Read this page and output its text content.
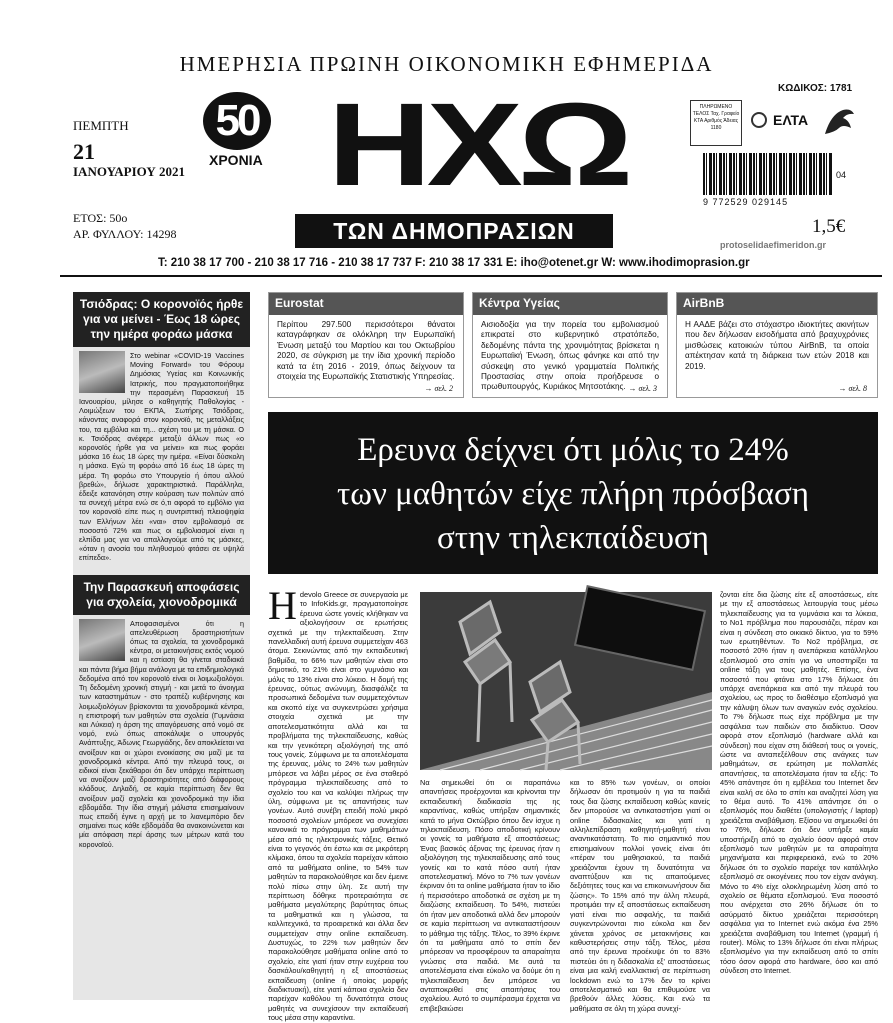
ΗΜΕΡΗΣΙΑ ΠΡΩΙΝΗ ΟΙΚΟΝΟΜΙΚΗ ΕΦΗΜΕΡΙΔΑ
ΠΕΜΠΤΗ
21
ΙΑΝΟΥΑΡΙΟΥ 2021
ΕΤΟΣ: 50ο
ΑΡ. ΦΥΛΛΟΥ: 14298
50
ΧΡΟΝΙΑ ΗΧΩ
ΤΩΝ ΔΗΜΟΠΡΑΣΙΩΝ
ΚΩΔΙΚΟΣ: 1781
ΠΛΗΡΩΜΕΝΟ ΤΕΛΟΣ Ταχ. Γραφείο ΚΤΑ Αριθμός Άδειας 1180	ΕΛΤΑ
9 772529 029145
04
1,5€
protoselidaefimeridon.gr
T: 210 38 17 700 - 210 38 17 716 - 210 38 17 737 F: 210 38 17 331 E: iho@otenet.gr W: www.ihodimoprasion.gr
Τσιόδρας: Ο κορονοϊός ήρθε για να μείνει - Έως 18 ώρες την ημέρα φοράω μάσκα
Στο webinar «COVID-19 Vaccines Moving Forward» του Φόρουμ Δημόσιας Υγείας και Κοινωνικής Ιατρικής, που πραγματοποιήθηκε την περασμένη Παρασκευή 15 Ιανουαρίου, μίλησε ο καθηγητής Παθολογίας - Λοιμώξεων του ΕΚΠΑ, Σωτήρης Τσιόδρας, κάνοντας αναφορά στον κορονοϊό, τις μεταλλάξεις του, τα εμβόλια και τη... σχέση του με τη μάσκα. Ο κ. Τσιόδρας ανέφερε μεταξύ άλλων πως «ο κορονοϊός ήρθε για να μείνει» και πως φοράει μάσκα 16 έως 18 ώρες την ημέρα. «Είναι δύσκολη η μάσκα. Εγώ τη φοράω από 16 έως 18 ώρες τη μέρα. Τη φοράω στο Υπουργείο ή όπου αλλού βρεθώ», δήλωσε χαρακτηριστικά. Παράλληλα, έδειξε κατανόηση στην κούραση των πολιτών από τα συνεχή μέτρα ενώ σε ό,τι αφορά το εμβόλιο για τον κορονοϊό είπε πως η συντριπτική πλειοψηφία των Ελλήνων λέει «ναι» στον εμβολιασμό σε ποσοστό 72% και πως οι εμβολιασμοί είναι η ελπίδα μας για να απαλλαγούμε από τις μάσκες, «όταν η ανοσία του πληθυσμού φτάσει σε υψηλά επίπεδα».
Την Παρασκευή αποφάσεις για σχολεία, χιονοδρομικά
Αποφασισμένοι ότι η απελευθέρωση δραστηριοτήτων όπως τα σχολεία, τα χιονοδρομικά κέντρα, οι μετακινήσεις εκτός νομού και η εστίαση θα γίνεται σταδιακά και πάντα βήμα βήμα ανάλογα με τα επιδημιολογικά δεδομένα από τον κορονοϊό είναι οι λοιμωξιολόγοι. Τη δεδομένη χρονική στιγμή - και μετά το άνοιγμα των καταστημάτων - στο τραπέζι κυβέρνησης και λοιμωξιολόγων βρίσκονται τα χιονοδρομικά κέντρα, η επιστροφή των μαθητών στα σχολεία (Γυμνάσια και Λύκεια) η άρση της απαγόρευσης από νομό σε νομό, ενώ όπως αποκάλυψε ο υπουργός Ανάπτυξης, Άδωνις Γεωργιάδης, δεν αποκλείεται να ανοίξουν και οι χώροι ενοικίασης σκι μαζί με τα χιονοδρομικά κέντρα. Από την πλευρά τους, οι ειδικοί είναι ξεκάθαροι ότι δεν υπάρχει περίπτωση να ανοίξουν μαζί δραστηριότητες από διάφορους κλάδους. Δηλαδή, σε καμία περίπτωση δεν θα ανοίξουν μαζί σχολεία και χιονοδρομικά την ίδια εβδομάδα. Την ίδια στιγμή μάλιστα επισημαίνουν πως επειδή έγινε η αρχή με το λιανεμπόριο δεν σημαίνει πως κάθε εβδομάδα θα ανακοινώνεται και μία απόφαση περί άρσης των μέτρων κατά του κορονοϊού.
Eurostat
Περίπου 297.500 περισσότεροι θάνατοι καταγράφηκαν σε ολόκληρη την Ευρωπαϊκή Ένωση μεταξύ του Μαρτίου και του Οκτωβρίου 2020, σε σύγκριση με την ίδια χρονική περίοδο κατά τα έτη 2016 - 2019, όπως δείχνουν τα στοιχεία της Ευρωπαϊκής Στατιστικής Υπηρεσίας.
→ σελ. 2
Κέντρα Υγείας
Αισιοδοξία για την πορεία του εμβολιασμού επικρατεί στο κυβερνητικό στρατόπεδο, δεδομένης πάντα της χρονιμότητας βρίσκεται η Ευρωπαϊκή Ένωση, όπως φάνηκε και από την σύσκεψη στο γενικό γραμματεία Πολιτικής Προστασίας στην οποία προήδρευσε ο πρωθυπουργός, Κυριάκος Μητσοτάκης. → σελ. 3
AirBnB
Η ΑΑΔΕ βάζει στο στόχαστρο ιδιοκτήτες ακινήτων που δεν δήλωσαν εισοδήματα από βραχυχρόνιες μισθώσεις κατοικιών τύπου AirBnB, τα οποία απέκτησαν κατά τη διάρκεια των ετών 2018 και 2019.
→ σελ. 8
Ερευνα δείχνει ότι μόλις το 24%
των μαθητών είχε πλήρη πρόσβαση
στην τηλεκπαίδευση
Η devolo Greece σε συνεργασία με το InfoKids.gr, πραγματοποίησε έρευνα ώστε γονείς κλήθηκαν να αξιολογήσουν σε ερωτήσεις σχετικά με την τηλεκπαίδευση. Στην πανελλαδική αυτή έρευνα συμμετείχαν 463 άτομα. Σεκινώντας από την εκπαιδευτική βαθμίδα, το 66% των μαθητών είναι στο δημοτικό, το 21% είναι στο γυμνάσιο και μόλις το 13% είναι στο λύκειο. Η δομή της έρευνας, ούτως ανώνυμη, διασφάλιζε τα προσωπικά δεδομένα των συμμετεχόντων και σκοπό είχε να συγκεντρώσει χρήσιμα στοιχεία σχετικά με την αποτελεσματικότητα αλλά και τα προβλήματα της τηλεκπαίδευσης, καθώς και την γενικότερη αξιολόγησή της από τους γονείς. Σύμφωνα με τα αποτελέσματα της έρευνας, μόλις το 24% των μαθητών μπόρεσε να λάβει μέρος σε ένα σταθερό πρόγραμμα τηλεκπαίδευσης από το σχολείο του και να καλύψει πλήρως την ύλη, σύμφωνα με τις απαντήσεις των γονέων. Αυτό συνέβη επειδή πολύ μικρό ποσοστό σχολείων μπόρεσε να συνεχίσει κανονικά το πρόγραμμα των μαθημάτων μέσα από τις ηλεκτρονικές τάξεις. Θετικό είναι το γεγονός ότι έστω και σε μικρότερη κλίμακα, όπου τα σχολεία παρείχαν κάποιο από τα μαθήματα online, το 54% των μαθητών τα παρακολούθησε και δεν έμεινε πολύ πίσω στην ύλη. Σε αυτή την περίπτωση δόθηκε προτεραιότητα σε μαθήματα μεγαλύτερης βαρύτητας όπως τα μαθηματικά και η γλώσσα, τα καλλιτεχνικά, τα προαιρετικά και άλλα δεν συμμετείχαν στην online εκπαίδευση. Δυστυχώς, το 22% των μαθητών δεν παρακολούθησε μαθήματα online από το σχολείο, είτε γιατί ήταν στην ευχέρεια του δασκάλου/καθηγητή η εξ αποστάσεως εκπαίδευση (online ή οποίας μορφής διαδικτυακή), είτε γιατί κάποια σχολεία δεν παρείχαν καθόλου τη δυνατότητα στους μαθητές να συνεχίσουν την εκπαίδευσή τους μέσα στην καραντίνα.
Να σημειωθεί ότι οι παραπάνω απαντήσεις προέρχονται και κρίνονται την εκπαιδευτική διαδικασία της ης καραντίνας, καθώς υπήρξαν σημαντικές κατά το μήνα Οκτώβριο όπου δεν ίσχυε η τηλεκπαίδευση. Πόσο αποδοτική κρίνουν οι γονείς τα μαθήματα εξ αποστάσεως; Ένας βασικός άξονας της έρευνας ήταν η αξιολόγηση της τηλεκπαίδευσης από τους γονείς και το κατά πόσο αυτή ήταν αποτελεσματική. Μόνο το 7% των γονέων έκριναν ότι τα online μαθήματα ήταν το ίδιο ή περισσότερο αποδοτικά σε σχέση με τη διαζώσης εκπαίδευση. Το 54%, πιστεύει ότι ήταν μεν αποδοτικά αλλά δεν μπορούν σε καμία περίπτωση να αντικαταστήσουν το μάθημα της τάξης. Τέλος, το 39% έκρινε ότι τα μαθήματα από το σπίτι δεν μπόρεσαν να προσφέρουν τα απαραίτητα γνώσεις στα παιδιά. Με αυτά τα αποτελέσματα είναι εύκολο να δούμε ότι η τηλεκπαίδευση δεν μπόρεσε να ανταποκριθεί στις απαιτήσεις του σχολείου. Αυτό το συμπέρασμα έρχεται να επιβεβαιώσει
και το 85% των γονέων, οι οποίοι δήλωσαν ότι προτιμούν η για τα παιδιά τους δια ζώσης εκπαίδευση καθώς κανείς δεν μπορούσε να αντικαταστήσει γιατί οι online διδασκαλίες και γιατί η αλληλεπίδραση καθηγητή-μαθητή είναι αναντικατάστατη. Το πιο σημαντικό που επισημαίνουν πολλοί γονείς είναι ότι «πέραν του μαθησιακού, τα παιδιά χρειάζονται έχουν τη δυνατότητα να αναπτύξουν και τις απαιτούμενες δεξιότητες τους και να επικοινωνήσουν δια ζώσης». Το 15% από την άλλη πλευρά, προτιμάει την εξ αποστάσεως εκπαίδευση γιατί είναι πιο ασφαλής, τα παιδιά συγκεντρώνονται πιο εύκολα και δεν χάνεται χρόνος σε μετακινήσεις και καθυστερήσεις στην τάξη. Τέλος, μέσα από την έρευνα προέκυψε ότι το 83% πιστεύει ότι η διδασκαλία εξ' αποστάσεως είναι μια καλή εναλλακτική σε περίπτωση lockdown ενώ το 17% δεν το κρίνει αποτελεσματικό και θα επιθυμούσε να βρεθούν άλλες λύσεις. Και ενώ τα μαθήματα σε όλη τη χώρα συνεχί-
ζονται είτε δια ζώσης είτε εξ αποστάσεως, είτε με την εξ αποστάσεως λειτουργία τους μέσω τηλεκπαίδευσης για τα γυμνάσια και τα λύκεια, το No1 πρόβλημα που παρουσιάζει, πέραν και είναι η σύνδεση στο οικιακό δίκτυο, για το 59% των ερωτηθέντων. Το No2 πρόβλημα, σε ποσοστό 20% ήταν η ανεπάρκεια κατάλληλου εξοπλισμού στο σπίτι για να υποστηρίξει τα online τάξη για τους μαθητές. Επίσης, ένα ποσοστό που φτάνει στο 17% δήλωσε ότι υπάρχε ανεπάρκεια και από την πλευρά του σχολείου, ως προς το διαθέσιμο εξοπλισμό για την κάλυψη όλων των αναγκών ενός σχολείου. Το 7% δήλωσε πως είχε πρόβλημα με την ασφάλεια των παιδιών στο διαδίκτυο. Όσον αφορά στον εξοπλισμό (hardware αλλά και σύνδεση) που είχαν στη διάθεσή τους οι γονείς, ώστε να ανταπεξέλθουν στις ανάγκες των μαθημάτων, σε ερώτηση με πολλαπλές απαντήσεις, τα αποτελέσματα ήταν τα εξής: Το 45% απάντησε ότι η εμβέλεια του Internet δεν είναι καλή σε όλο το σπίτι και αναζητεί λύση για το θέμα αυτό. Το 41% απάντησε ότι ο εξοπλισμός που διαθέτει (υπολογιστής / laptop) χρειάζεται αναβάθμιση. Εξίσου να σημειωθεί ότι το 76%, δήλωσε ότι δεν υπήρξε καμία υποστήριξη από το σχολείο όσον αφορά στον εξοπλισμό των μαθητών με τα απαραίτητα μηχανήματα και περιφερειακά, ενώ το 20% δήλωσε ότι το σχολείο παρείχε τον κατάλληλο εξοπλισμό σε οικογένειες που τον είχαν ανάγκη. Μόνο το 4% είχε ολοκληρωμένη λύση από το σχολείο σε θέματα εξοπλισμού. Ένα ποσοστό που ανέρχεται στο 26% δήλωσε ότι το ασύρματό δίκτυο χρειάζεται περισσότερη ασφάλεια για το Internet ενώ ακόμα ένα 25% χρειάζεται αναβάθμιση του Internet (γραμμή ή router). Μόλις το 13% δήλωσε ότι είναι πλήρως εξοπλισμένο για την εκπαίδευση από το σπίτι τόσο όσον αφορά στο hardware, όσο και από σύνδεση στο Internet.
